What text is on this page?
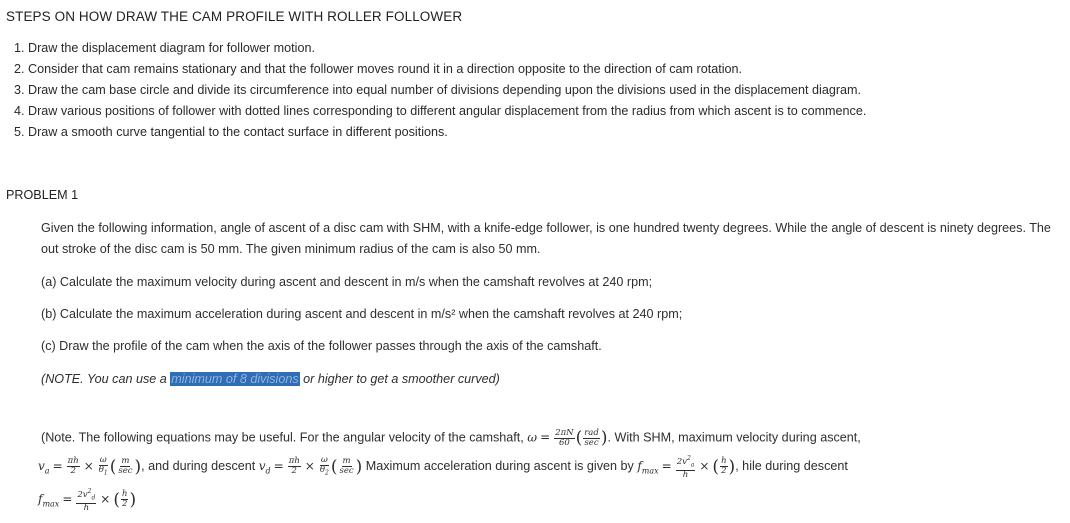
STEPS ON HOW DRAW THE CAM PROFILE WITH ROLLER FOLLOWER
1. Draw the displacement diagram for follower motion.
2. Consider that cam remains stationary and that the follower moves round it in a direction opposite to the direction of cam rotation.
3. Draw the cam base circle and divide its circumference into equal number of divisions depending upon the divisions used in the displacement diagram.
4. Draw various positions of follower with dotted lines corresponding to different angular displacement from the radius from which ascent is to commence.
5. Draw a smooth curve tangential to the contact surface in different positions.
PROBLEM 1
Given the following information, angle of ascent of a disc cam with SHM, with a knife-edge follower, is one hundred twenty degrees. While the angle of descent is ninety degrees. The out stroke of the disc cam is 50 mm. The given minimum radius of the cam is also 50 mm.
(a) Calculate the maximum velocity during ascent and descent in m/s when the camshaft revolves at 240 rpm;
(b) Calculate the maximum acceleration during ascent and descent in m/s² when the camshaft revolves at 240 rpm;
(c) Draw the profile of the cam when the axis of the follower passes through the axis of the camshaft.
(NOTE. You can use a minimum of 8 divisions or higher to get a smoother curved)
(Note. The following equations may be useful. For the angular velocity of the camshaft, $\omega = \frac{2\pi N}{60}$ ( $\frac{\text{rad}}{\sec}$ ). With SHM, maximum velocity during ascent,
$v_a = \frac{\pi h}{2} \times \frac{\omega}{\theta_1}$ ( $\frac{m}{\sec}$ ), and during descent $v_d = \frac{\pi h}{2} \times \frac{\omega}{\theta_2}$ ( $\frac{m}{\sec}$ ) Maximum acceleration during ascent is given by $f_{max} = \frac{2v^2_a}{h}$ × ( $\frac{h}{2}$ ), hile during descent
$f_{max} = \frac{2v^2_d}{h}$ × ( $\frac{h}{2}$ )
